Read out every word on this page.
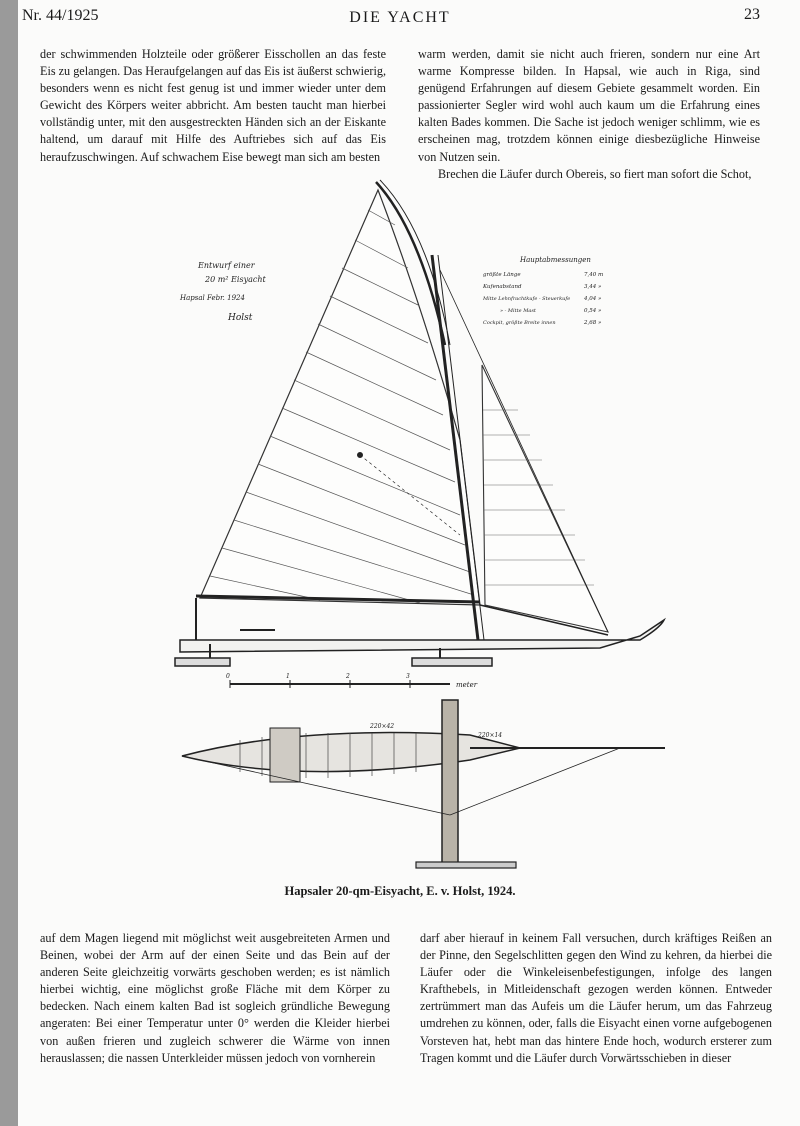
Nr. 44/1925	DIE YACHT	23

der schwimmenden Holzteile oder größerer Eisschollen an das feste Eis zu gelangen. Das Heraufgelangen auf das Eis ist äußerst schwierig, besonders wenn es nicht fest genug ist und immer wieder unter dem Gewicht des Körpers weiter abbricht. Am besten taucht man hierbei vollständig unter, mit den ausgestreckten Händen sich an der Eiskante haltend, um darauf mit Hilfe des Auftriebes sich auf das Eis heraufzuschwingen. Auf schwachem Eise bewegt man sich am besten

warm werden, damit sie nicht auch frieren, sondern nur eine Art warme Kompresse bilden. In Hapsal, wie auch in Riga, sind genügend Erfahrungen auf diesem Gebiete gesammelt worden. Ein passionierter Segler wird wohl auch kaum um die Erfahrung eines kalten Bades kommen. Die Sache ist jedoch weniger schlimm, wie es erscheinen mag, trotzdem können einige diesbezügliche Hinweise von Nutzen sein.

Brechen die Läufer durch Obereis, so fiert man sofort die Schot,

0	1	2	3
meter
220×42
220×14
Entwurf einer
20 m² Eisyacht
Hapsal Febr. 1924
Holst
Hauptabmessungen
größte Länge	7,40 m
Kufenabstand	3,44 »
Mitte Lehnfrachtkufe - Steuerkufe	4,04 »
» - Mitte Mast	0,54 »
Cockpit, größte Breite innen	2,68 »
Hapsaler 20-qm-Eisyacht, E. v. Holst, 1924.

auf dem Magen liegend mit möglichst weit ausgebreiteten Armen und Beinen, wobei der Arm auf der einen Seite und das Bein auf der anderen Seite gleichzeitig vorwärts geschoben werden; es ist nämlich hierbei wichtig, eine möglichst große Fläche mit dem Körper zu bedecken. Nach einem kalten Bad ist sogleich gründliche Bewegung angeraten: Bei einer Temperatur unter 0° werden die Kleider hierbei von außen frieren und zugleich schwerer die Wärme von innen herauslassen; die nassen Unterkleider müssen jedoch von vornherein

darf aber hierauf in keinem Fall versuchen, durch kräftiges Reißen an der Pinne, den Segelschlitten gegen den Wind zu kehren, da hierbei die Läufer oder die Winkeleisenbefestigungen, infolge des langen Krafthebels, in Mitleidenschaft gezogen werden können. Entweder zertrümmert man das Aufeis um die Läufer herum, um das Fahrzeug umdrehen zu können, oder, falls die Eisyacht einen vorne aufgebogenen Vorsteven hat, hebt man das hintere Ende hoch, wodurch ersterer zum Tragen kommt und die Läufer durch Vorwärtsschieben in dieser
